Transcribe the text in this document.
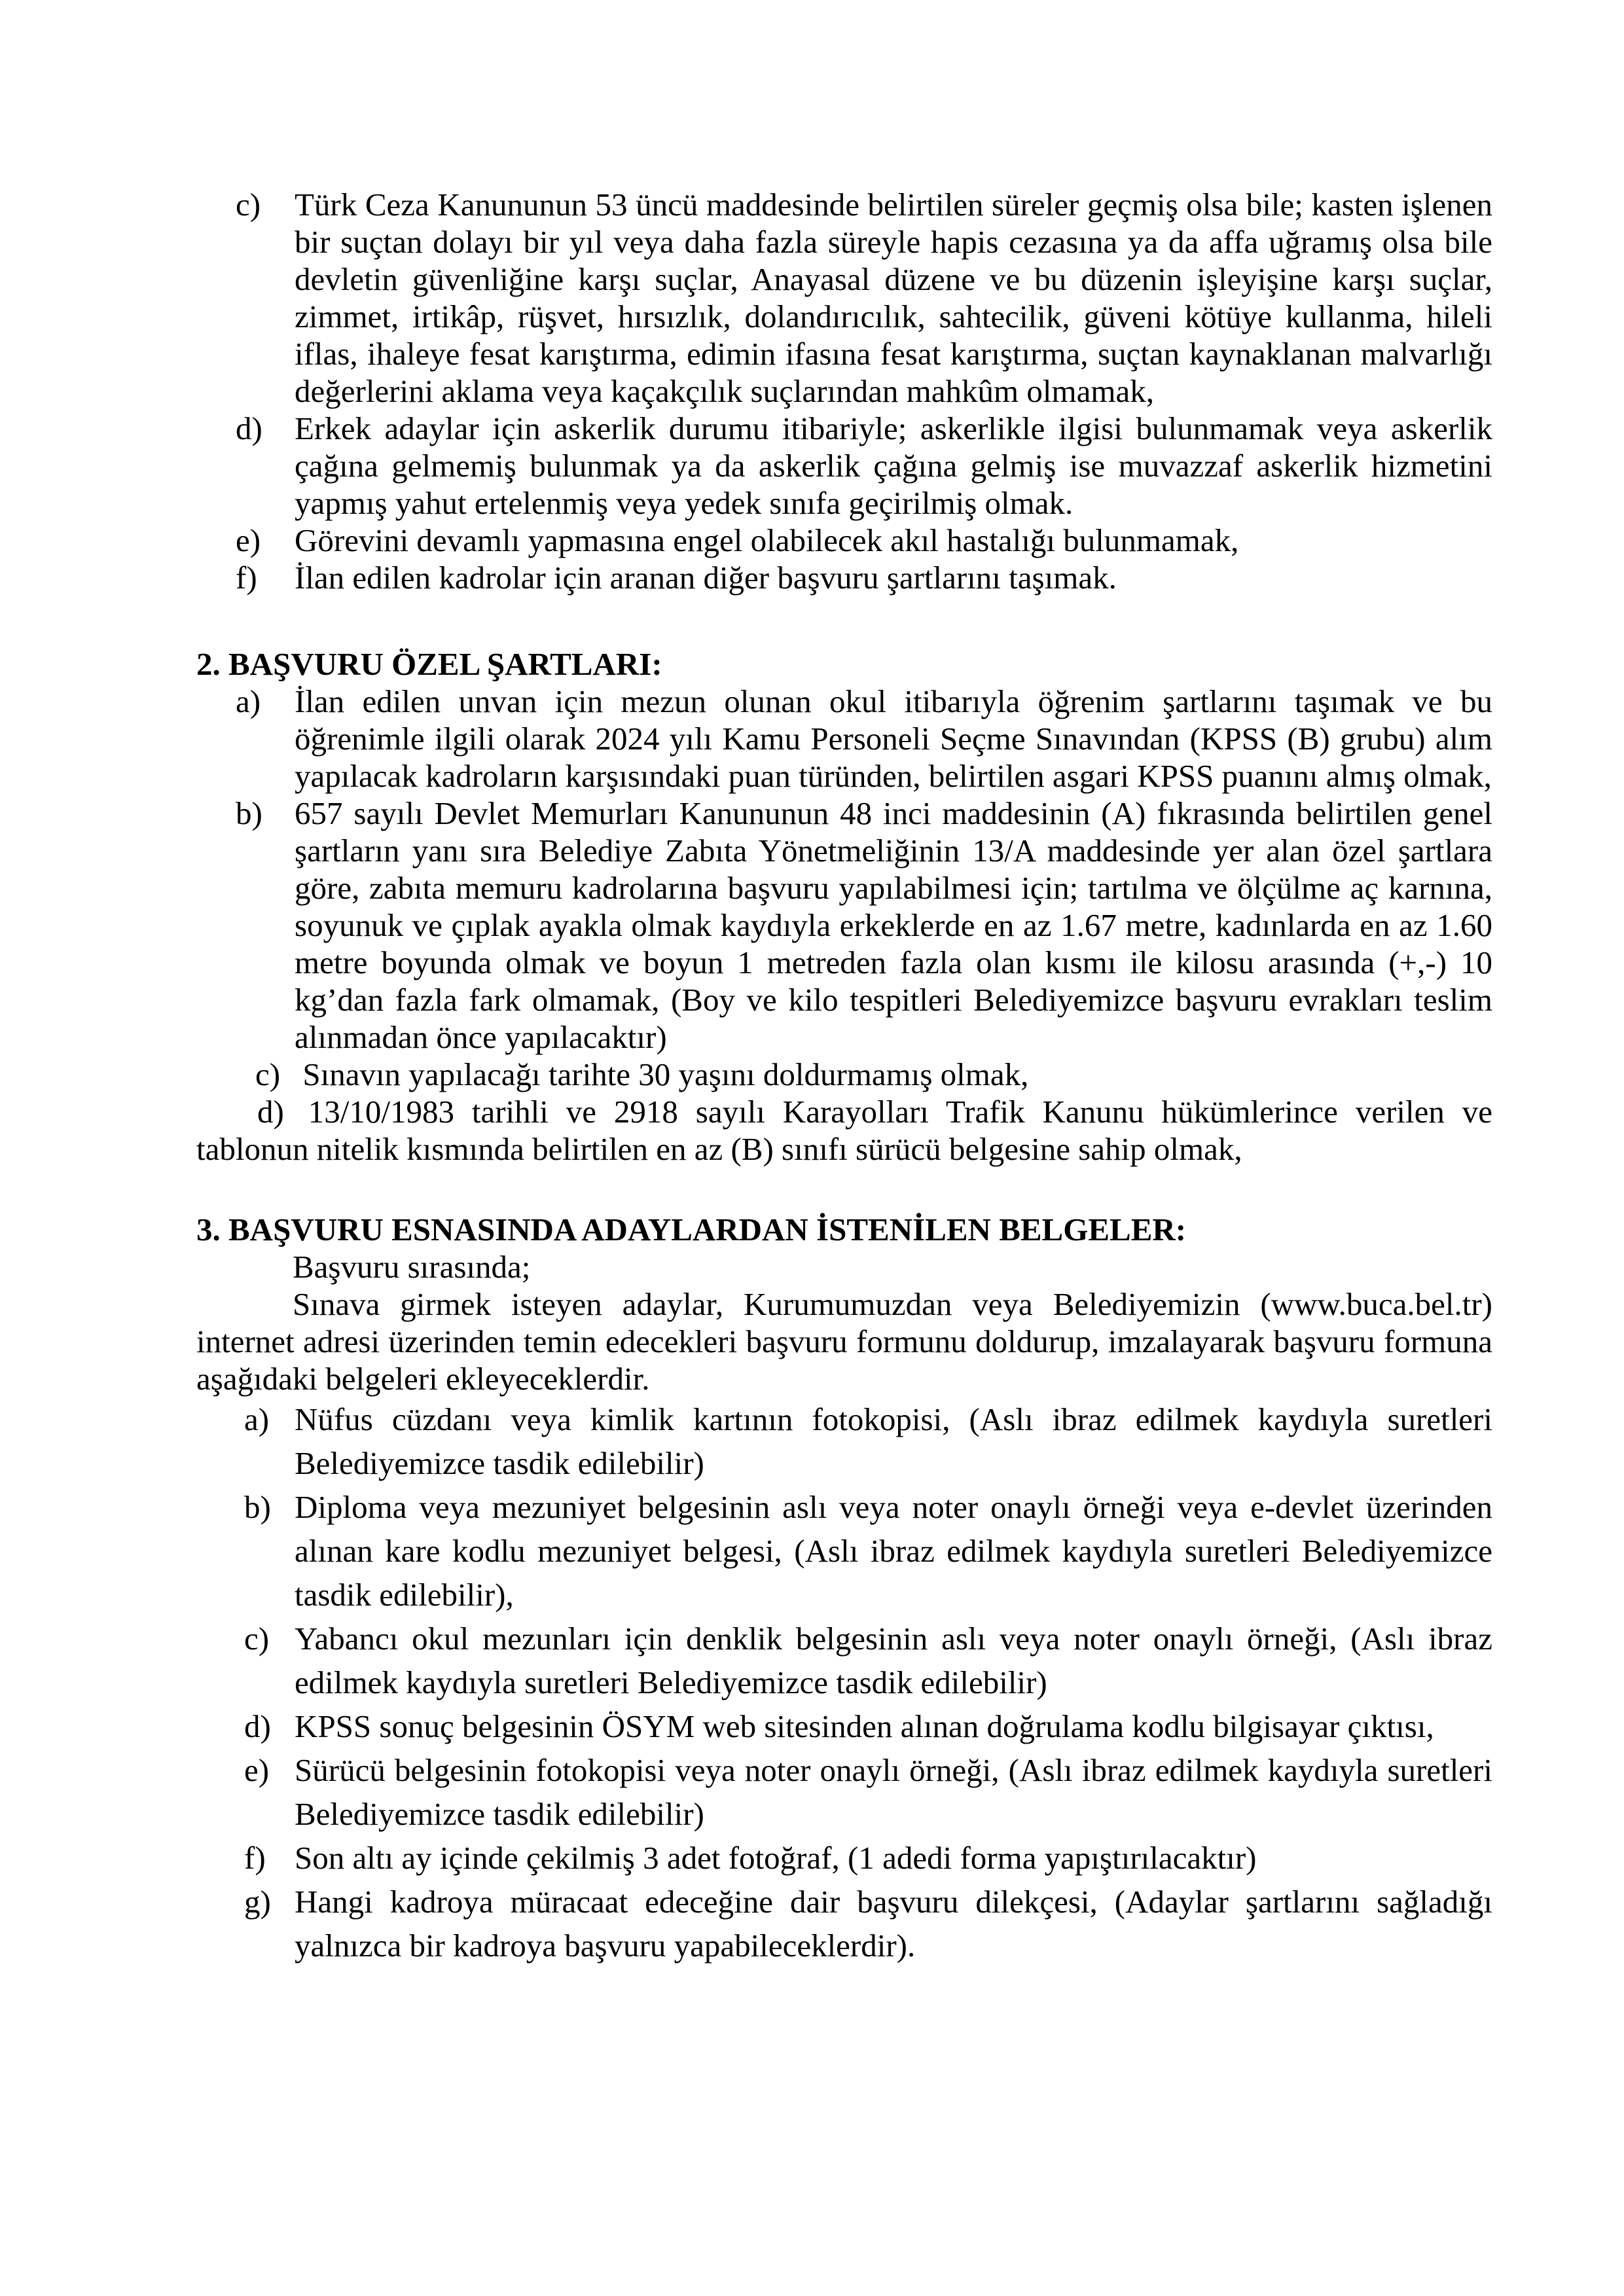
c) Türk Ceza Kanununun 53 üncü maddesinde belirtilen süreler geçmiş olsa bile; kasten işlenen bir suçtan dolayı bir yıl veya daha fazla süreyle hapis cezasına ya da affa uğramış olsa bile devletin güvenliğine karşı suçlar, Anayasal düzene ve bu düzenin işleyişine karşı suçlar, zimmet, irtikâp, rüşvet, hırsızlık, dolandırıcılık, sahtecilik, güveni kötüye kullanma, hileli iflas, ihaleye fesat karıştırma, edimin ifasına fesat karıştırma, suçtan kaynaklanan malvarlığı değerlerini aklama veya kaçakçılık suçlarından mahkûm olmamak,
d) Erkek adaylar için askerlik durumu itibariyle; askerlikle ilgisi bulunmamak veya askerlik çağına gelmemiş bulunmak ya da askerlik çağına gelmiş ise muvazzaf askerlik hizmetini yapmış yahut ertelenmiş veya yedek sınıfa geçirilmiş olmak.
e) Görevini devamlı yapmasına engel olabilecek akıl hastalığı bulunmamak,
f) İlan edilen kadrolar için aranan diğer başvuru şartlarını taşımak.
2. BAŞVURU ÖZEL ŞARTLARI:
a) İlan edilen unvan için mezun olunan okul itibarıyla öğrenim şartlarını taşımak ve bu öğrenimle ilgili olarak 2024 yılı Kamu Personeli Seçme Sınavından (KPSS (B) grubu) alım yapılacak kadroların karşısındaki puan türünden, belirtilen asgari KPSS puanını almış olmak,
b) 657 sayılı Devlet Memurları Kanununun 48 inci maddesinin (A) fıkrasında belirtilen genel şartların yanı sıra Belediye Zabıta Yönetmeliğinin 13/A maddesinde yer alan özel şartlara göre, zabıta memuru kadrolarına başvuru yapılabilmesi için; tartılma ve ölçülme aç karnına, soyunuk ve çıplak ayakla olmak kaydıyla erkeklerde en az 1.67 metre, kadınlarda en az 1.60 metre boyunda olmak ve boyun 1 metreden fazla olan kısmı ile kilosu arasında (+,-) 10 kg’dan fazla fark olmamak, (Boy ve kilo tespitleri Belediyemizce başvuru evrakları teslim alınmadan önce yapılacaktır)

c) Sınavın yapılacağı tarihte 30 yaşını doldurmamış olmak,

d) 13/10/1983 tarihli ve 2918 sayılı Karayolları Trafik Kanunu hükümlerince verilen ve tablonun nitelik kısmında belirtilen en az (B) sınıfı sürücü belgesine sahip olmak,

3. BAŞVURU ESNASINDA ADAYLARDAN İSTENİLEN BELGELER:

Başvuru sırasında;

Sınava girmek isteyen adaylar, Kurumumuzdan veya Belediyemizin (www.buca.bel.tr) internet adresi üzerinden temin edecekleri başvuru formunu doldurup, imzalayarak başvuru formuna aşağıdaki belgeleri ekleyeceklerdir.

a) Nüfus cüzdanı veya kimlik kartının fotokopisi, (Aslı ibraz edilmek kaydıyla suretleri Belediyemizce tasdik edilebilir)
b) Diploma veya mezuniyet belgesinin aslı veya noter onaylı örneği veya e-devlet üzerinden alınan kare kodlu mezuniyet belgesi, (Aslı ibraz edilmek kaydıyla suretleri Belediyemizce tasdik edilebilir),
c) Yabancı okul mezunları için denklik belgesinin aslı veya noter onaylı örneği, (Aslı ibraz edilmek kaydıyla suretleri Belediyemizce tasdik edilebilir)
d) KPSS sonuç belgesinin ÖSYM web sitesinden alınan doğrulama kodlu bilgisayar çıktısı,
e) Sürücü belgesinin fotokopisi veya noter onaylı örneği, (Aslı ibraz edilmek kaydıyla suretleri Belediyemizce tasdik edilebilir)
f) Son altı ay içinde çekilmiş 3 adet fotoğraf, (1 adedi forma yapıştırılacaktır)
g) Hangi kadroya müracaat edeceğine dair başvuru dilekçesi, (Adaylar şartlarını sağladığı yalnızca bir kadroya başvuru yapabileceklerdir).
